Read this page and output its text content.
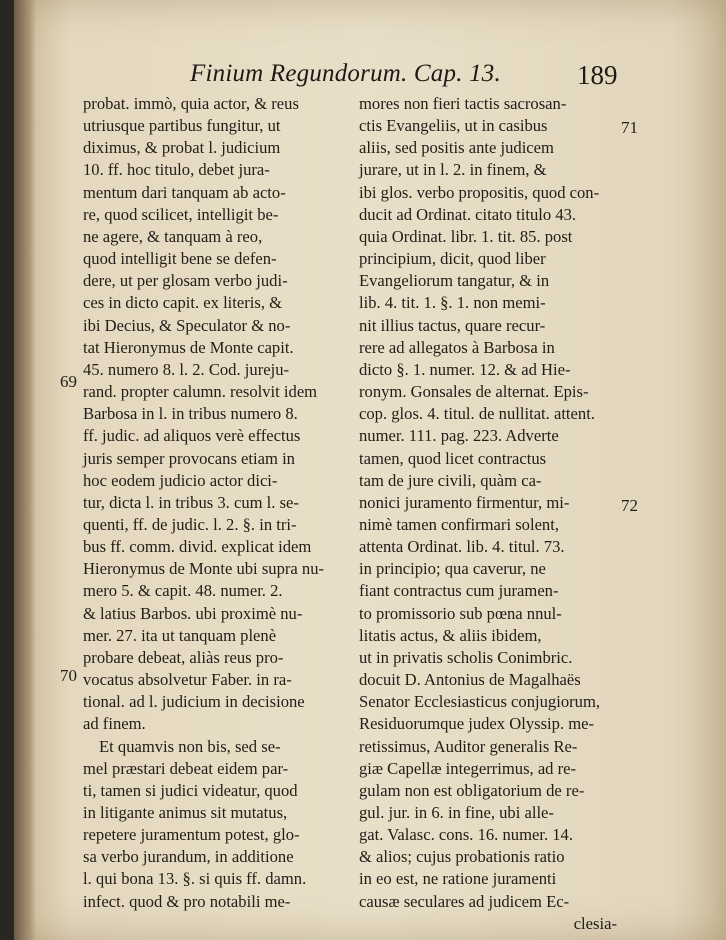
Finium Regundorum. Cap. 13.	189
69
70
71
72
probat. immò, quia actor, & reus
utriusque partibus fungitur, ut
diximus, & probat l. judicium
10. ff. hoc titulo, debet jura-
mentum dari tanquam ab acto-
re, quod scilicet, intelligit be-
ne agere, & tanquam à reo,
quod intelligit bene se defen-
dere, ut per glosam verbo judi-
ces in dicto capit. ex literis, &
ibi Decius, & Speculator & no-
tat Hieronymus de Monte capit.
45. numero 8. l. 2. Cod. jureju-
rand. propter calumn. resolvit idem
Barbosa in l. in tribus numero 8.
ff. judic. ad aliquos verè effectus
juris semper provocans etiam in
hoc eodem judicio actor dici-
tur, dicta l. in tribus 3. cum l. se-
quenti, ff. de judic. l. 2. §. in tri-
bus ff. comm. divid. explicat idem
Hieronymus de Monte ubi supra nu-
mero 5. & capit. 48. numer. 2.
& latius Barbos. ubi proximè nu-
mer. 27. ita ut tanquam plenè
probare debeat, aliàs reus pro-
vocatus absolvetur Faber. in ra-
tional. ad l. judicium in decisione
ad finem.
Et quamvis non bis, sed se-
mel præstari debeat eidem par-
ti, tamen si judici videatur, quod
in litigante animus sit mutatus,
repetere juramentum potest, glo-
sa verbo jurandum, in additione
l. qui bona 13. §. si quis ff. damn.
infect. quod & pro notabili me-
mores non fieri tactis sacrosan-
ctis Evangeliis, ut in casibus
aliis, sed positis ante judicem
jurare, ut in l. 2. in finem, &
ibi glos. verbo propositis, quod con-
ducit ad Ordinat. citato titulo 43.
quia Ordinat. libr. 1. tit. 85. post
principium, dicit, quod liber
Evangeliorum tangatur, & in
lib. 4. tit. 1. §. 1. non memi-
nit illius tactus, quare recur-
rere ad allegatos à Barbosa in
dicto §. 1. numer. 12. & ad Hie-
ronym. Gonsales de alternat. Epis-
cop. glos. 4. titul. de nullitat. attent.
numer. 111. pag. 223. Adverte
tamen, quod licet contractus
tam de jure civili, quàm ca-
nonici juramento firmentur, mi-
nimè tamen confirmari solent,
attenta Ordinat. lib. 4. titul. 73.
in principio; qua caverur, ne
fiant contractus cum juramen-
to promissorio sub pœna nnul-
litatis actus, & aliis ibidem,
ut in privatis scholis Conimbric.
docuit D. Antonius de Magalhaës
Senator Ecclesiasticus conjugiorum,
Residuorumque judex Olyssip. me-
retissimus, Auditor generalis Re-
giæ Capellæ integerrimus, ad re-
gulam non est obligatorium de re-
gul. jur. in 6. in fine, ubi alle-
gat. Valasc. cons. 16. numer. 14.
& alios; cujus probationis ratio
in eo est, ne ratione juramenti
causæ seculares ad judicem Ec-
clesia-
